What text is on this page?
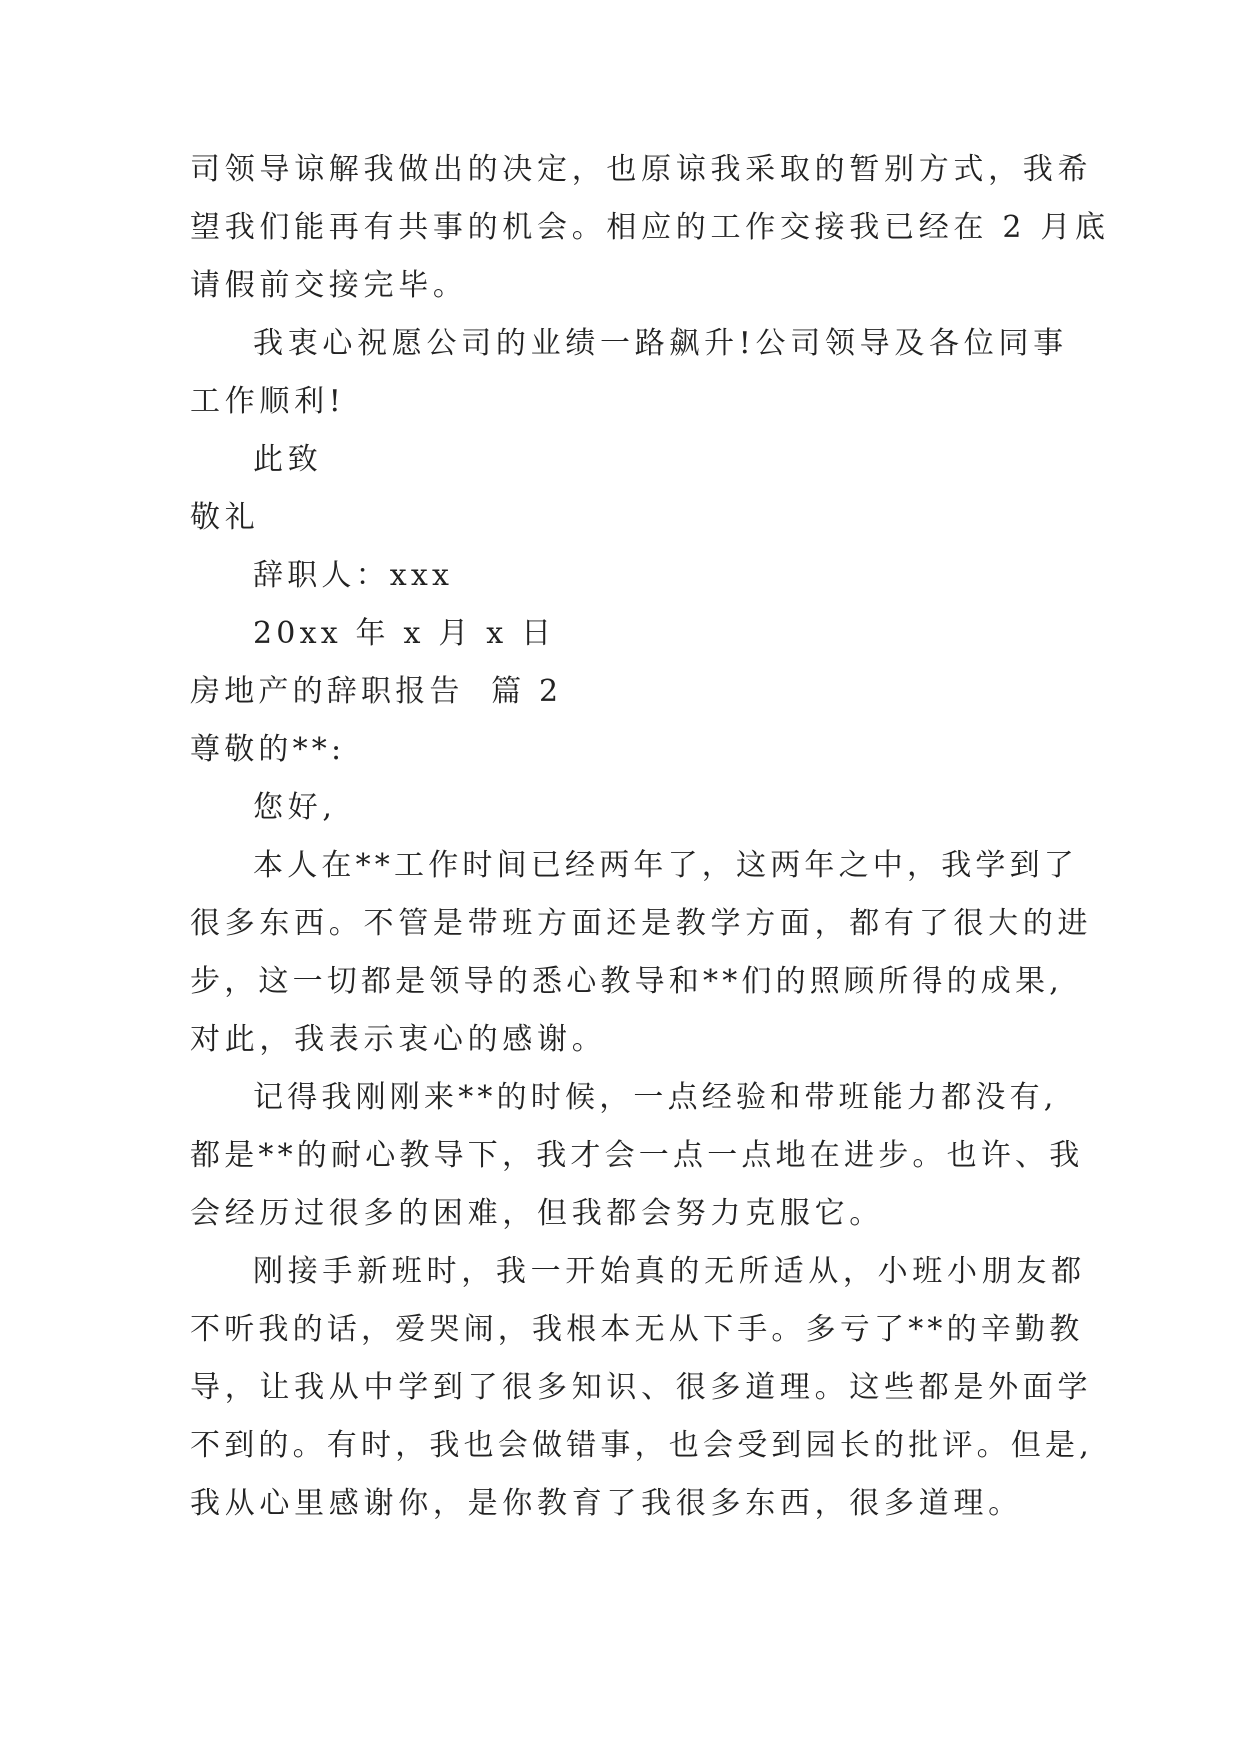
司领导谅解我做出的决定，也原谅我采取的暂别方式，我希
望我们能再有共事的机会。相应的工作交接我已经在 2 月底
请假前交接完毕。
我衷心祝愿公司的业绩一路飙升!公司领导及各位同事
工作顺利!
此致
敬礼
辞职人：xxx
20xx 年 x 月 x 日
房地产的辞职报告  篇 2
尊敬的**:
您好,
本人在**工作时间已经两年了，这两年之中，我学到了
很多东西。不管是带班方面还是教学方面，都有了很大的进
步，这一切都是领导的悉心教导和**们的照顾所得的成果,
对此，我表示衷心的感谢。
记得我刚刚来**的时候，一点经验和带班能力都没有,
都是**的耐心教导下，我才会一点一点地在进步。也许、我
会经历过很多的困难，但我都会努力克服它。
刚接手新班时，我一开始真的无所适从，小班小朋友都
不听我的话，爱哭闹，我根本无从下手。多亏了**的辛勤教
导，让我从中学到了很多知识、很多道理。这些都是外面学
不到的。有时，我也会做错事，也会受到园长的批评。但是,
我从心里感谢你，是你教育了我很多东西，很多道理。
